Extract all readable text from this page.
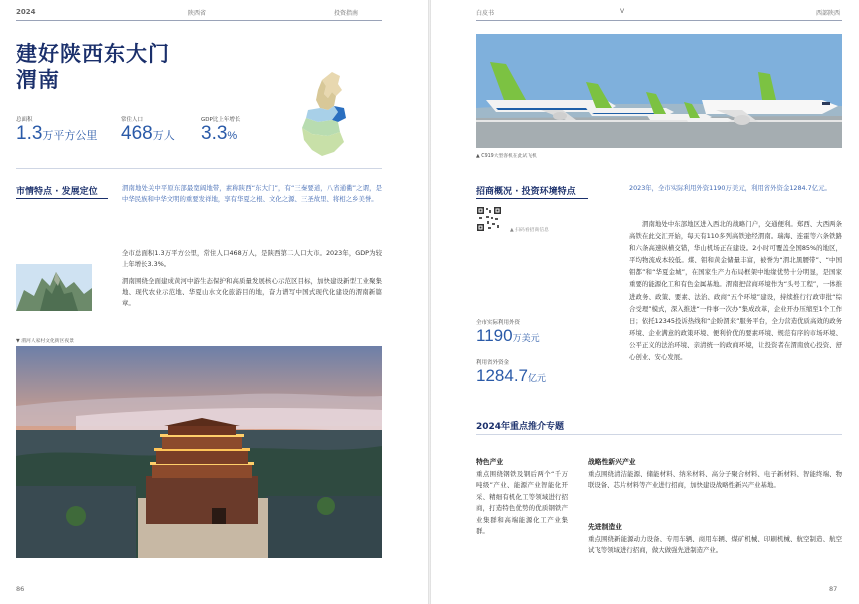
2024	陕西省	投资指南
建好陕西东大门
渭南
总面积
1.3万平方公里
常住人口
468万人
GDP比上年增长
3.3%
市情特点 · 发展定位	渭南地处关中平原东部最宽阔地带，素称陕西“东大门”，有“三秦要道，八省通衢”之谓，是中华民族和中华文明的重要发祥地，享有华夏之根、文化之源、三圣故里、将相之乡美誉。
全市总面积1.3万平方公里，常住人口468万人，是陕西第二人口大市。2023年，GDP为较上年增长3.3%。
渭南围绕全面建成黄河中游生态保护和高质量发展核心示范区目标，加快建设新型工业聚集地、现代农业示范地、华夏山水文化旅游目的地，奋力谱写中国式现代化建设的渭南新篇章。
▼ 渭河人家村文化街区夜景
86
白皮书	V	西部陕西
▲ C919大型客机在此试飞机
招商概况 · 投资环境特点	2023年，全市实际利用外资1190万美元，利用省外资金1284.7亿元。
▲ 扫码看招商信息
渭南地处中东部地区进入西北的战略门户，交通便利。郑西、大西两条高铁在此交汇开始，每天有110多列高铁途经渭南。瑞海、连霍等六条铁路和六条高速纵横交错，华山机场正在建设。2小时可覆盖全国85%的地区，平均物流成本较低。煤、钼和黄金储量丰富，被誉为“渭北黑腰带”、“中国钼都”和“华夏金城”，在国家生产力布局框架中地缘优势十分明显，是国家重要的能源化工和有色金属基地。渭南把营商环境作为“头号工程”，一体推进政务、政策、要素、法治、政商“五个环境”建设，持续推行行政审批“综合受理”模式，深入推进“一件事一次办”集成改革，企业开办压缩至1个工作日；依托12345投诉热线和“企盼渭来”服务平台，全力营造优质高效的政务环境、企业满意的政策环境、便利价优的要素环境、规范有序的市场环境、公平正义的法治环境、亲清统一的政商环境，让投资者在渭南放心投资、舒心创业、安心发展。
全市实际利用外资
1190万美元
利用省外资金
1284.7亿元
2024年重点推介专题
特色产业
重点围绕钢铁及钢后两个“千万吨级”产业、能源产业智能化开采、精细有机化工等领域进行招商，打造特色优势的优质钢铁产业集群和高端能源化工产业集群。
战略性新兴产业
重点围绕清洁能源、储能材料、纳米材料、高分子聚合材料、电子新材料、智能终端、物联设备、芯片材料等产业进行招商，加快建设战略性新兴产业基地。
先进制造业
重点围绕新能源动力设备、专用车辆、商用车辆、煤矿机械、印刷机械、航空制造、航空试飞等领域进行招商，做大做强先进制造产业。
87
